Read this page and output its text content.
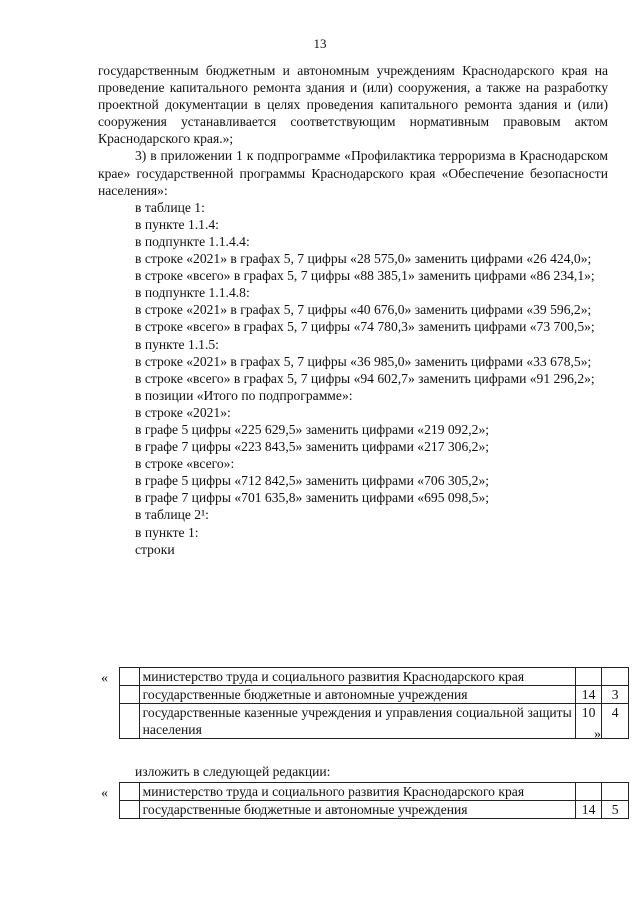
13

государственным бюджетным и автономным учреждениям Краснодарского края на проведение капитального ремонта здания и (или) сооружения, а также на разработку проектной документации в целях проведения капитального ремонта здания и (или) сооружения устанавливается соответствующим нормативным правовым актом Краснодарского края.»;

3) в приложении 1 к подпрограмме «Профилактика терроризма в Краснодарском крае» государственной программы Краснодарского края «Обеспечение безопасности населения»:

в таблице 1:

в пункте 1.1.4:

в подпункте 1.1.4.4:

в строке «2021» в графах 5, 7 цифры «28 575,0» заменить цифрами «26 424,0»;

в строке «всего» в графах 5, 7 цифры «88 385,1» заменить цифрами «86 234,1»;

в подпункте 1.1.4.8:

в строке «2021» в графах 5, 7 цифры «40 676,0» заменить цифрами «39 596,2»;

в строке «всего» в графах 5, 7 цифры «74 780,3» заменить цифрами «73 700,5»;

в пункте 1.1.5:

в строке «2021» в графах 5, 7 цифры «36 985,0» заменить цифрами «33 678,5»;

в строке «всего» в графах 5, 7 цифры «94 602,7» заменить цифрами «91 296,2»;

в позиции «Итого по подпрограмме»:

в строке «2021»:

в графе 5 цифры «225 629,5» заменить цифрами «219 092,2»;

в графе 7 цифры «223 843,5» заменить цифрами «217 306,2»;

в строке «всего»:

в графе 5 цифры «712 842,5» заменить цифрами «706 305,2»;

в графе 7 цифры «701 635,8» заменить цифрами «695 098,5»;

в таблице 2¹:

в пункте 1:

строки

«
		министерство труда и социального развития Краснодарского края		
	государственные бюджетные и автономные учреждения	14	3
	государственные казенные учреждения и управления социальной защиты населения	10	4
»

изложить в следующей редакции:

«
		министерство труда и социального развития Краснодарского края		
	государственные бюджетные и автономные учреждения	14	5
